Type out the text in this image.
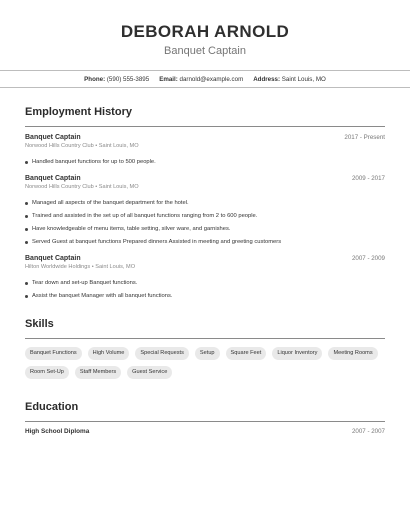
DEBORAH ARNOLD
Banquet Captain
Phone: (590) 555-3895 Email: darnold@example.com Address: Saint Louis, MO
Employment History
Banquet Captain	2017 - Present
Norwood Hills Country Club • Saint Louis, MO
Handled banquet functions for up to 500 people.
Banquet Captain	2009 - 2017
Norwood Hills Country Club • Saint Louis, MO
Managed all aspects of the banquet department for the hotel.
Trained and assisted in the set up of all banquet functions ranging from 2 to 600 people.
Have knowledgeable of menu items, table setting, silver ware, and garnishes.
Served Guest at banquet functions Prepared dinners Assisted in meeting and greeting customers
Banquet Captain	2007 - 2009
Hilton Worldwide Holdings • Saint Louis, MO
Tear down and set-up Banquet functions.
Assist the banquet Manager with all banquet functions.
Skills
Banquet Functions	High Volume	Special Requests	Setup	Square Feet	Liquor Inventory	Meeting Rooms
Room Set-Up	Staff Members	Guest Service
Education
High School Diploma	2007 - 2007
